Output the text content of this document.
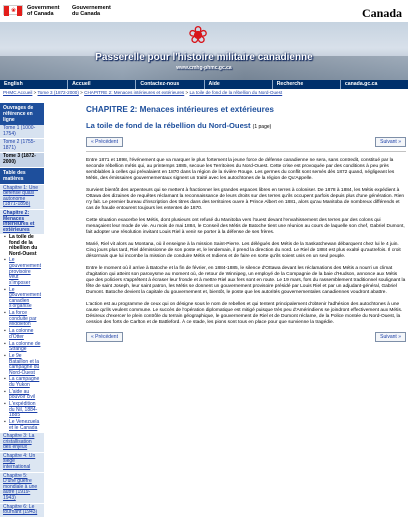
❀ Government
of Canada
Gouvernement
du Canada	Canada
❀
Passerelle pour l'histoire militaire canadienne
www.cmhg-phmc.gc.ca
English	Accueil	Contactez-nous	Aide	Recherche	canada.gc.ca
PHMC Accueil > Tome 3 (1872-2000) > CHAPITRE 2: Menaces intérieures et extérieures > La toile de fond de la rébellion du Nord-Ouest
Ouvrages de référence en ligne
Tome 1 (1000-1754)
Tome 2 (1755-1871)
Tome 3 (1872-2000)
Table des matières
Chapitre 1: Une défense quasi autonome (1871-1898)
Chapitre 2: Menaces intérieures et extérieures
▪ La toile de fond de la rébellion du Nord-Ouest
▪ Le gouvernement provisoire veut s'imposer
▪ Le gouvernement canadien s'organise
▪ La force conduite par Middleton
▪ La colonne d'Otter
▪ La colonne de Strange
▪ Le 9e Bataillon et la campagne du Nord-Ouest
▪ La campagne du Yukon
▪ L'aide au pouvoir civil
▪ L'expédition du Nil, 1884-1885
▪ Le Venezuela et le Canada
Chapitre 3: La cristallisation des enjeux
Chapitre 4: Un siège international
Chapitre 5: D'une guerre mondiale à une autre (1919-1943)
Chapitre 6: Le tournant (1943)
CHAPITRE 2: Menaces intérieures et extérieures
La toile de fond de la rébellion du Nord-Ouest (1 page)
« Précédent	Suivant »

Entre 1871 et 1898, l'événement que va marquer le plus fortement la jeune force de défense canadienne ne sera, sans contredit, constitué par la seconde rébellion métis qui, au printemps 1885, secoue les Territoires du Nord-Ouest. Cette crise est provoquée par des conditions à peu près semblables à celles qui prévalaient en 1870 dans la région de la rivière Rouge. Les germes du conflit sont semés dès 1872 quand, négligeant les Métis, des émissaires gouvernementaux signent un traité avec les autochtones de la région de Qu'Appelle.

Survient bientôt des arpenteurs qui se mettent à fractionner les grandes espaces libres en terres à coloniser. De 1878 à 1884, les Métis expédient à Ottawa des dizaines de requêtes réclamant la reconnaissance de leurs droits sur des terres qu'ils occupent parfois depuis plus d'une génération. Rien n'y fait. Le premier bureau d'inscription des titres dans des territoires ouvre à Prince Albert en 1881, alors qu'au Manitoba de nombreux différends et cas de fraude entourent toujours les ententes de 1870.

Cette situation exacerbe les Métis, dont plusieurs ont refusé du Manitoba vers l'ouest devant l'envahissement des terres par des colons qui menaçaient leur mode de vie. Au mois de mai 1884, le Conseil des Métis de Batoche tient une réunion au cours de laquelle son chef, Gabriel Dumont, fait adopter une résolution invitant Louis Riel à venir se porter à la défense de ses frères.

Marié, Riel vit alors au Montana, où il enseigne à la mission Saint-Pierre. Les délégués des Métis de la Saskatchewan débarquent chez lui le 4 juin. Cinq jours plus tard, Riel démissionne de son poste et, le lendemain, il prend la direction du nord. Le Riel de 1884 est plus exalté qu'autrefois. Il croit désormais que lui incombe la mission de conduire Métis et Indiens et de faire en sorte qu'ils soient unis en un seul peuple.

Entre le moment où il arrive à Batoche et la fin de février, en 1884-1885, le silence d'Ottawa devant les réclamations des Métis a nourri un climat d'agitation qui atteint son paroxysme au moment où, de retour de Winnipeg, un employé de la Compagnie de la baie d'Hudson, annonce aux Métis que des policiers s'apprêtent à écraser leur fronde et à mettre Riel aux fers sont en route. Le 19 mars, fors du rassemblement traditionnel soulignant la fête de saint Joseph, leur saint patron, les Métis se donnent un gouvernement provisoire présidé par Louis Riel et par un adjudant-général, Gabriel Dumont. Batoche devient la capitale du gouvernement et, bientôt, le poste que les autorités gouvernementales canadiennes voudront abattre.

L'action est au programme de ceux qui on désigne sous le nom de rebelles et qui tentent principalement d'obtenir l'adhésion des autochtones à une cause qu'ils veulent commune. Le succès de l'opération diplomatique est mitigé puisque très peu d'Amérindiens se joindront effectivement aux Métis. Désireux d'exercer le plein contrôle du terrain géographique, le gouvernement de Riel et de Dumont réclame, de la Police montée du Nord-Ouest, la cession des forts de Carlton et de Battleford. À ce stade, les pions sont tous en place pour que survienne la tragédie.

« Précédent	Suivant »
